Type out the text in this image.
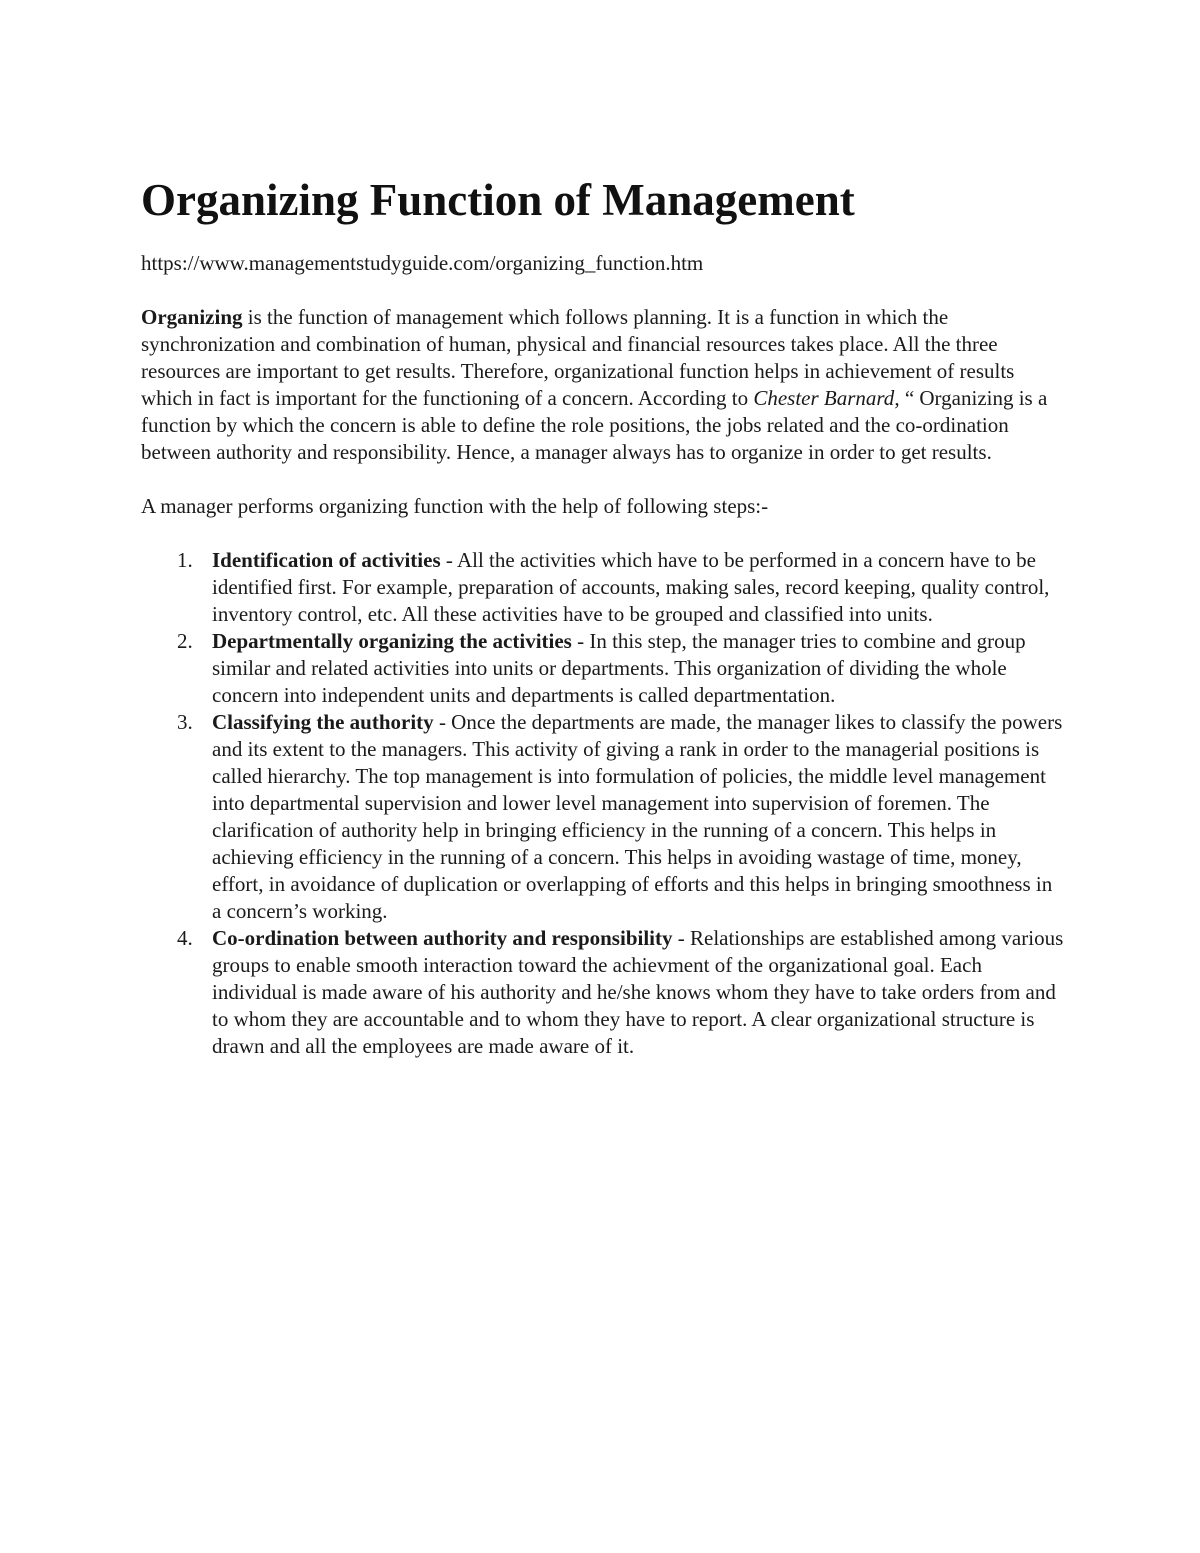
Organizing Function of Management
https://www.managementstudyguide.com/organizing_function.htm

Organizing is the function of management which follows planning. It is a function in which the synchronization and combination of human, physical and financial resources takes place. All the three resources are important to get results. Therefore, organizational function helps in achievement of results which in fact is important for the functioning of a concern. According to Chester Barnard, “ Organizing is a function by which the concern is able to define the role positions, the jobs related and the co-ordination between authority and responsibility. Hence, a manager always has to organize in order to get results.

A manager performs organizing function with the help of following steps:-

1. Identification of activities - All the activities which have to be performed in a concern have to be identified first. For example, preparation of accounts, making sales, record keeping, quality control, inventory control, etc. All these activities have to be grouped and classified into units.
2. Departmentally organizing the activities - In this step, the manager tries to combine and group similar and related activities into units or departments. This organization of dividing the whole concern into independent units and departments is called departmentation.
3. Classifying the authority - Once the departments are made, the manager likes to classify the powers and its extent to the managers. This activity of giving a rank in order to the managerial positions is called hierarchy. The top management is into formulation of policies, the middle level management into departmental supervision and lower level management into supervision of foremen. The clarification of authority help in bringing efficiency in the running of a concern. This helps in achieving efficiency in the running of a concern. This helps in avoiding wastage of time, money, effort, in avoidance of duplication or overlapping of efforts and this helps in bringing smoothness in a concern’s working.
4. Co-ordination between authority and responsibility - Relationships are established among various groups to enable smooth interaction toward the achievment of the organizational goal. Each individual is made aware of his authority and he/she knows whom they have to take orders from and to whom they are accountable and to whom they have to report. A clear organizational structure is drawn and all the employees are made aware of it.
